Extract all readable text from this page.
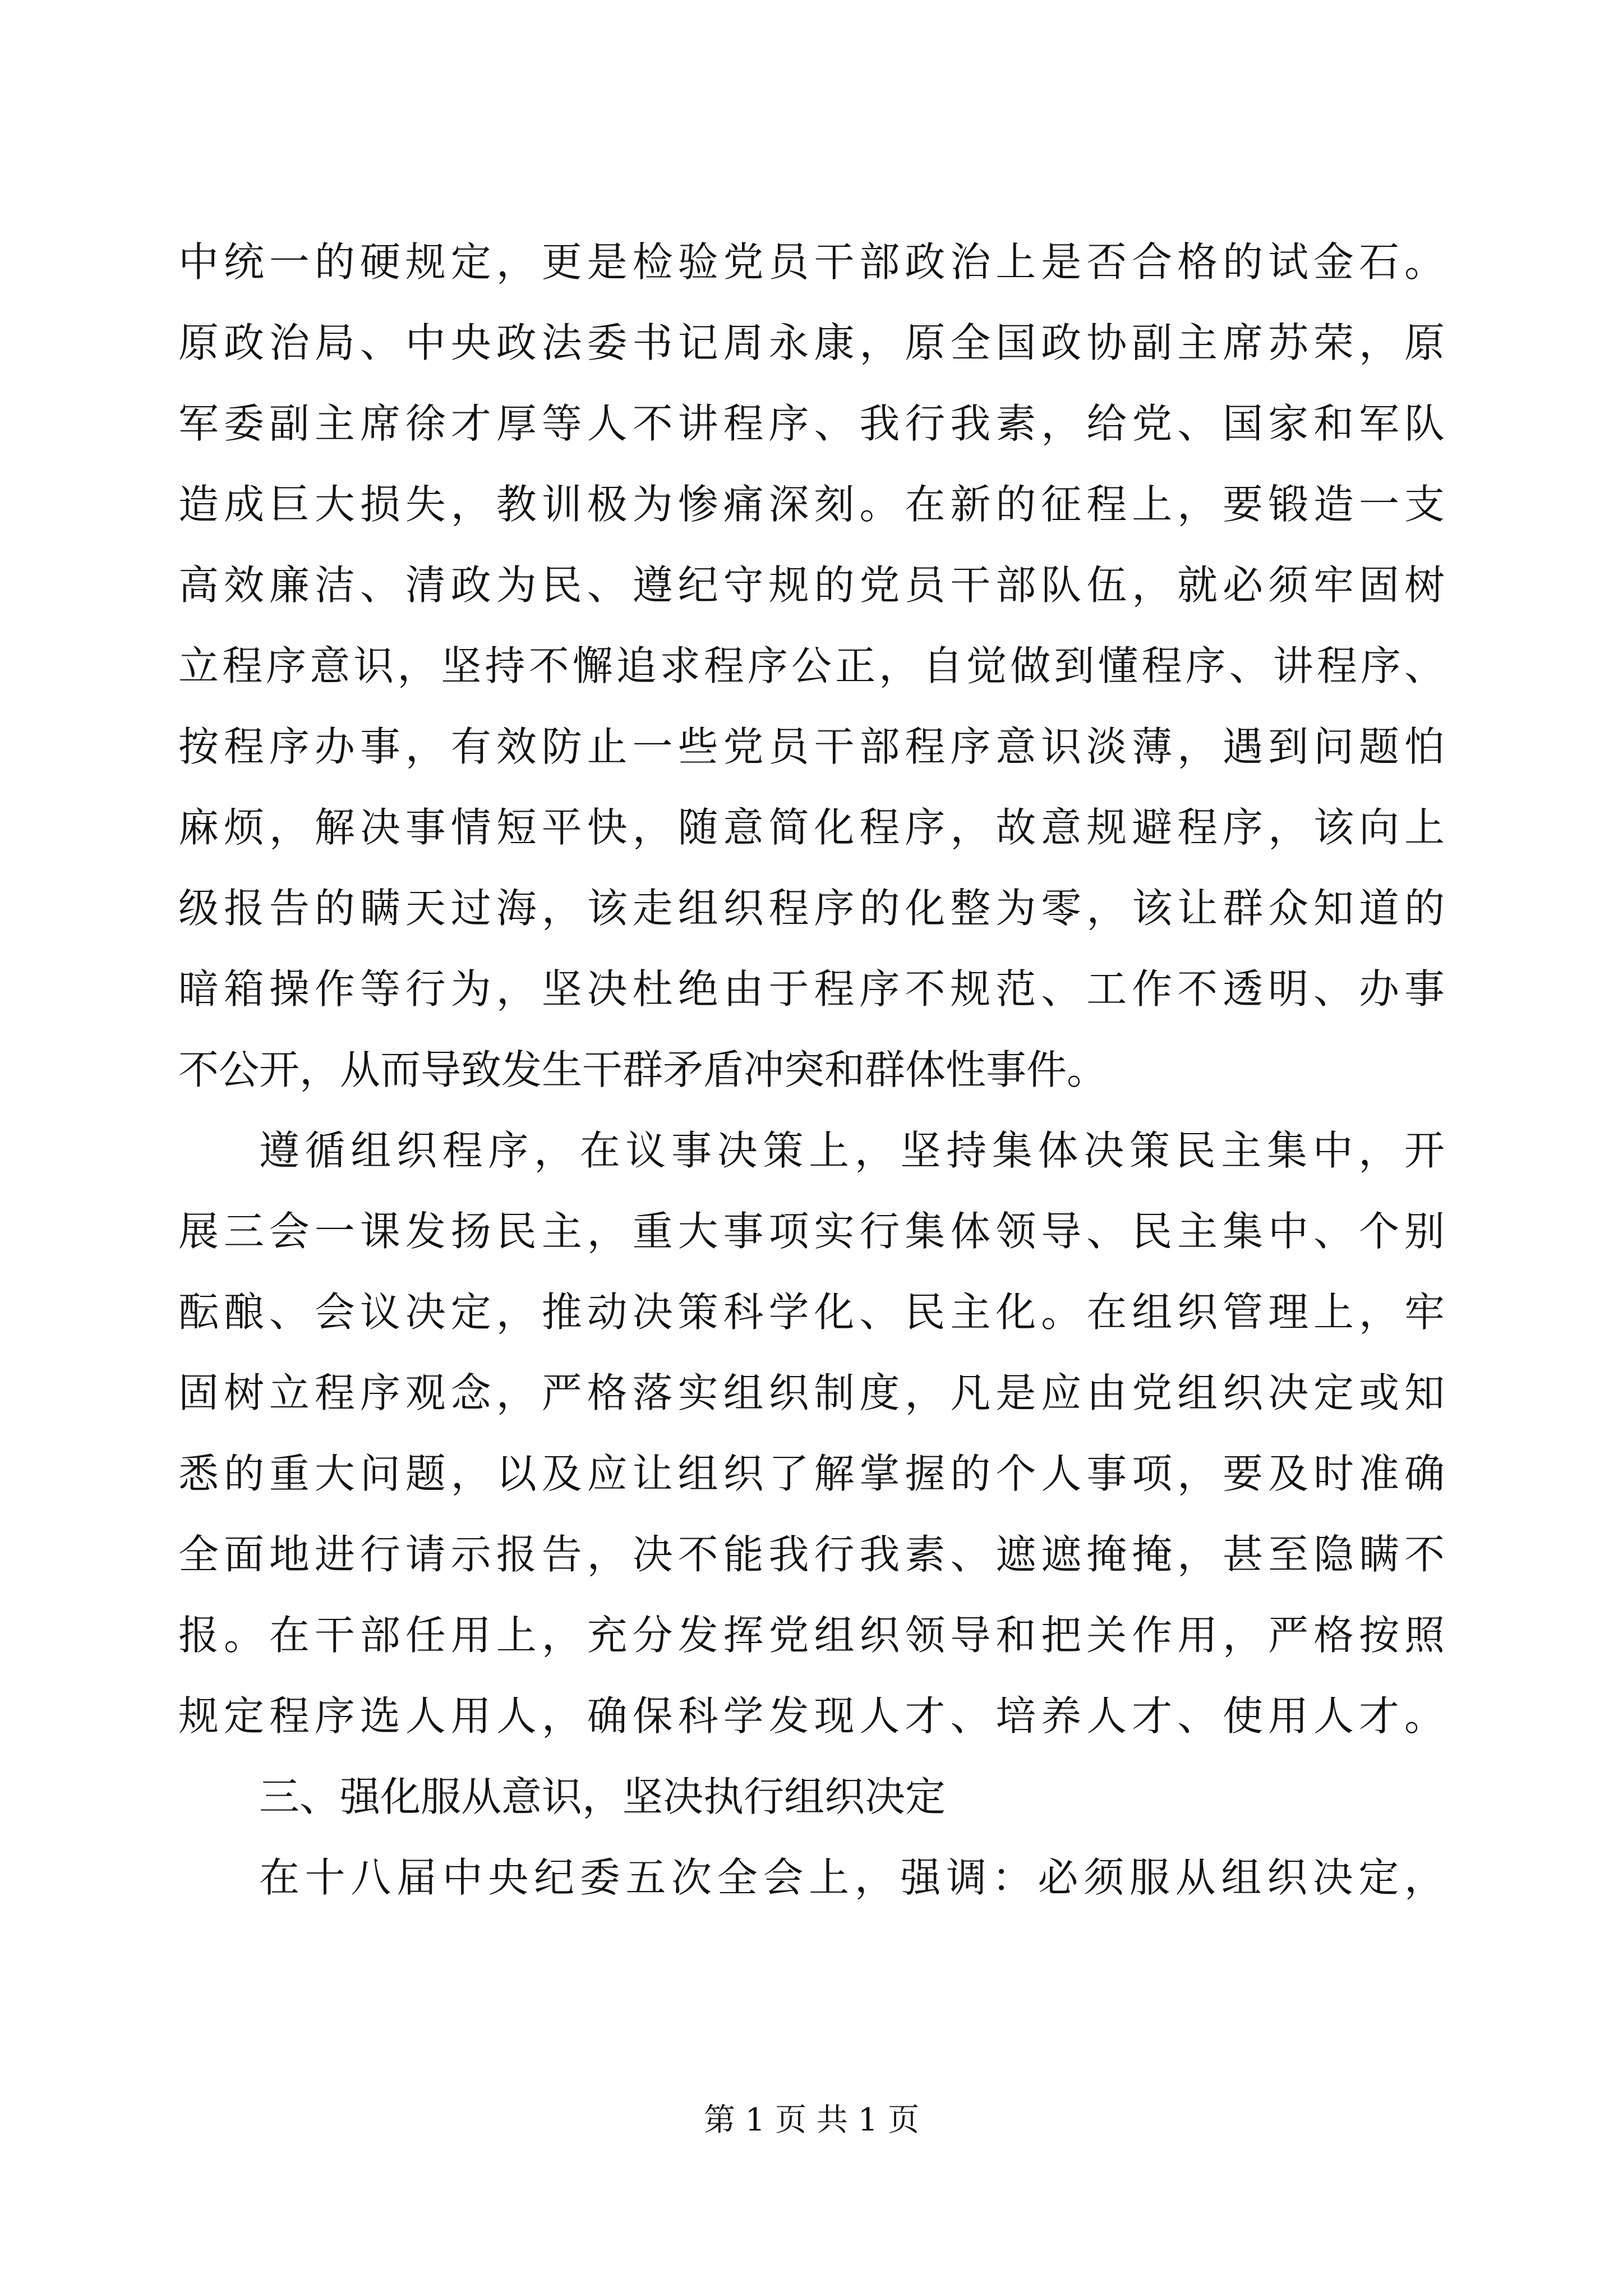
中统一的硬规定，更是检验党员干部政治上是否合格的试金石。
原政治局、中央政法委书记周永康，原全国政协副主席苏荣，原
军委副主席徐才厚等人不讲程序、我行我素，给党、国家和军队
造成巨大损失，教训极为惨痛深刻。在新的征程上，要锻造一支
高效廉洁、清政为民、遵纪守规的党员干部队伍，就必须牢固树
立程序意识，坚持不懈追求程序公正，自觉做到懂程序、讲程序、
按程序办事，有效防止一些党员干部程序意识淡薄，遇到问题怕
麻烦，解决事情短平快，随意简化程序，故意规避程序，该向上
级报告的瞒天过海，该走组织程序的化整为零，该让群众知道的
暗箱操作等行为，坚决杜绝由于程序不规范、工作不透明、办事
不公开，从而导致发生干群矛盾冲突和群体性事件。
遵循组织程序，在议事决策上，坚持集体决策民主集中，开
展三会一课发扬民主，重大事项实行集体领导、民主集中、个别
酝酿、会议决定，推动决策科学化、民主化。在组织管理上，牢
固树立程序观念，严格落实组织制度，凡是应由党组织决定或知
悉的重大问题，以及应让组织了解掌握的个人事项，要及时准确
全面地进行请示报告，决不能我行我素、遮遮掩掩，甚至隐瞒不
报。在干部任用上，充分发挥党组织领导和把关作用，严格按照
规定程序选人用人，确保科学发现人才、培养人才、使用人才。
三、强化服从意识，坚决执行组织决定
在十八届中央纪委五次全会上，强调：必须服从组织决定，
第 1 页 共 1 页
